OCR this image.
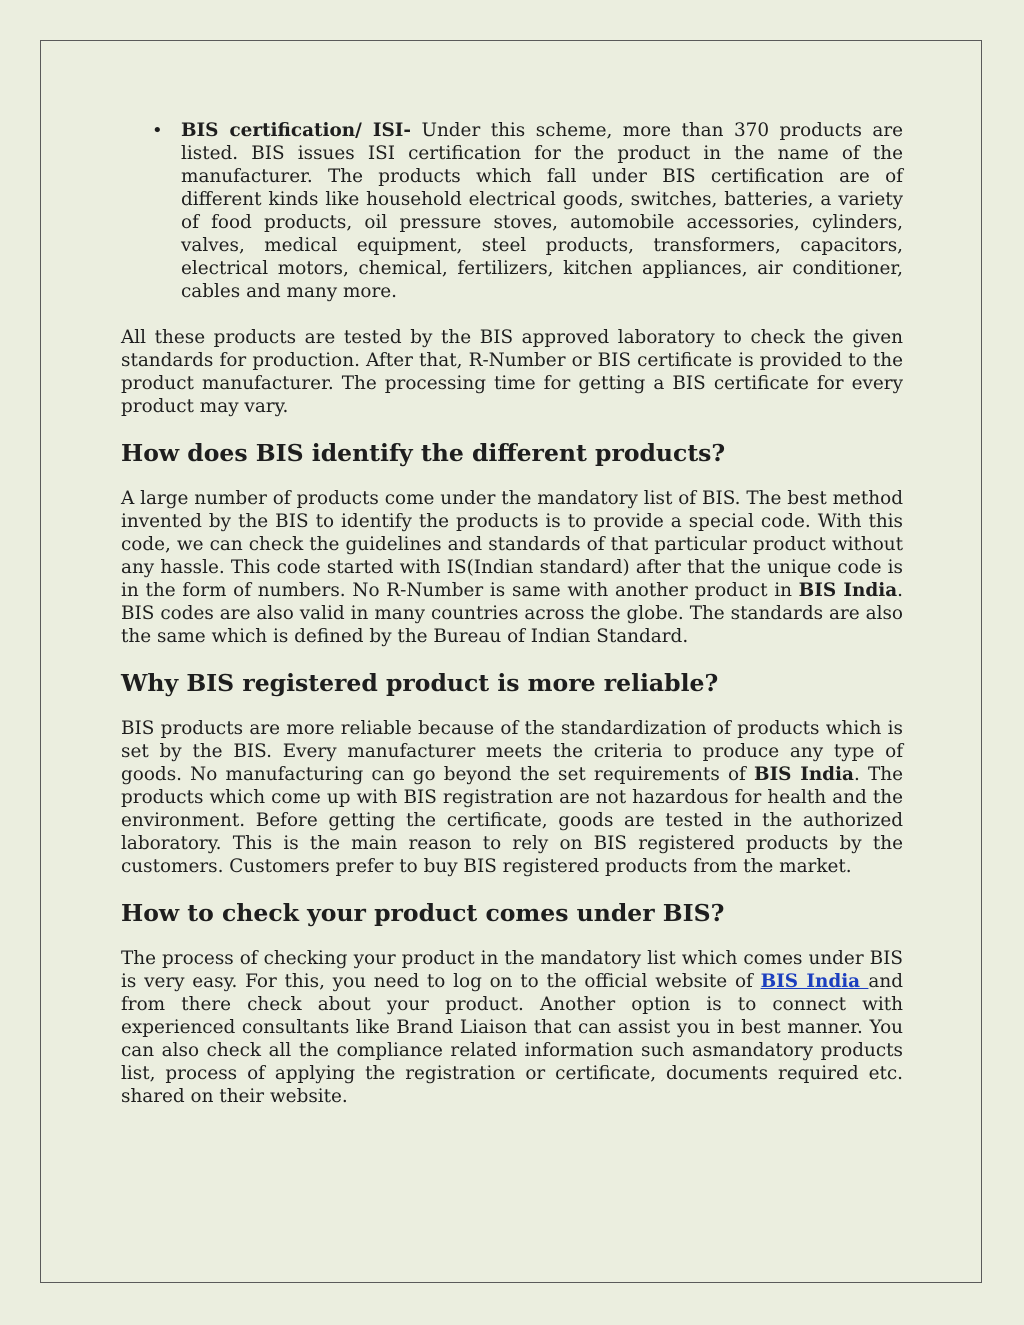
• BIS certification/ ISI- Under this scheme, more than 370 products are listed. BIS issues ISI certification for the product in the name of the manufacturer. The products which fall under BIS certification are of different kinds like household electrical goods, switches, batteries, a variety of food products, oil pressure stoves, automobile accessories, cylinders, valves, medical equipment, steel products, transformers, capacitors, electrical motors, chemical, fertilizers, kitchen appliances, air conditioner, cables and many more.

All these products are tested by the BIS approved laboratory to check the given standards for production. After that, R-Number or BIS certificate is provided to the product manufacturer. The processing time for getting a BIS certificate for every product may vary.

How does BIS identify the different products?

A large number of products come under the mandatory list of BIS. The best method invented by the BIS to identify the products is to provide a special code. With this code, we can check the guidelines and standards of that particular product without any hassle. This code started with IS(Indian standard) after that the unique code is in the form of numbers. No R-Number is same with another product in BIS India. BIS codes are also valid in many countries across the globe. The standards are also the same which is defined by the Bureau of Indian Standard.

Why BIS registered product is more reliable?

BIS products are more reliable because of the standardization of products which is set by the BIS. Every manufacturer meets the criteria to produce any type of goods. No manufacturing can go beyond the set requirements of BIS India. The products which come up with BIS registration are not hazardous for health and the environment. Before getting the certificate, goods are tested in the authorized laboratory. This is the main reason to rely on BIS registered products by the customers. Customers prefer to buy BIS registered products from the market.

How to check your product comes under BIS?

The process of checking your product in the mandatory list which comes under BIS is very easy. For this, you need to log on to the official website of BIS India and from there check about your product. Another option is to connect with experienced consultants like Brand Liaison that can assist you in best manner. You can also check all the compliance related information such asmandatory products list, process of applying the registration or certificate, documents required etc. shared on their website.
